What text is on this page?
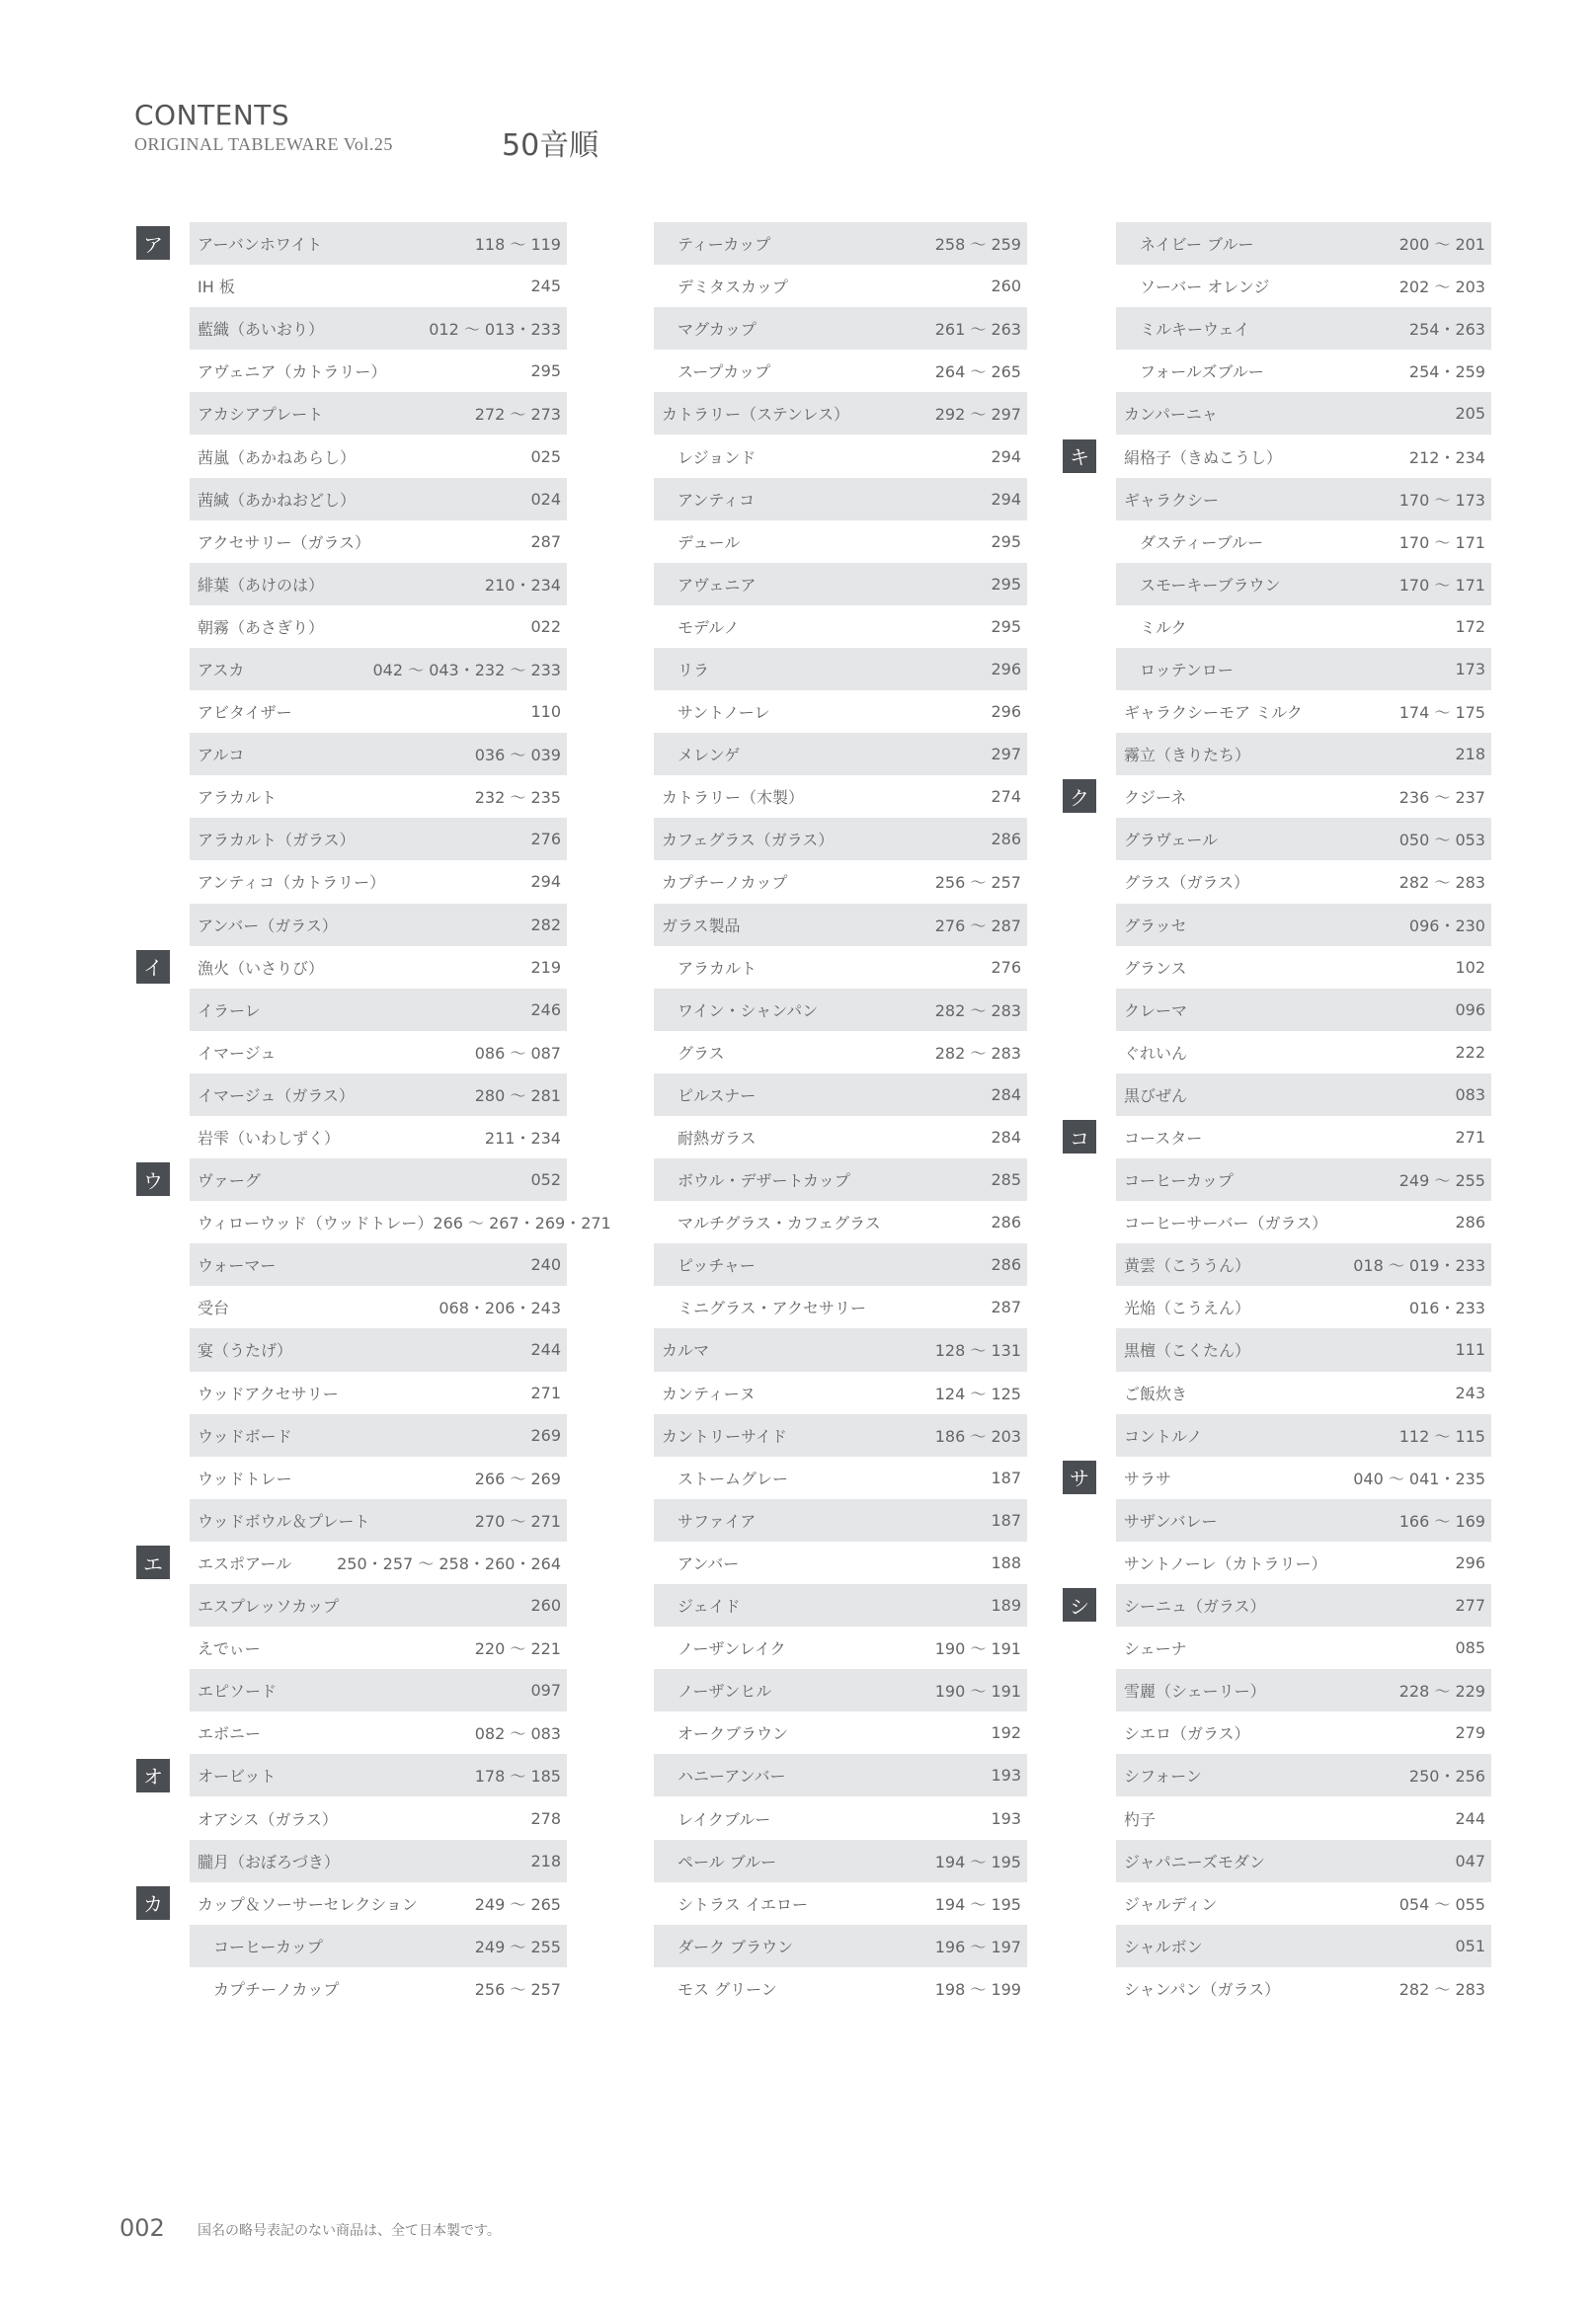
CONTENTS
ORIGINAL TABLEWARE Vol.25	50音順
アーバンホワイト	118 〜 119
IH 板	245
藍織（あいおり）	012 〜 013・233
アヴェニア（カトラリー）	295
アカシアプレート	272 〜 273
茜嵐（あかねあらし）	025
茜緘（あかねおどし）	024
アクセサリー（ガラス）	287
緋葉（あけのは）	210・234
朝霧（あさぎり）	022
アスカ	042 〜 043・232 〜 233
アビタイザー	110
アルコ	036 〜 039
アラカルト	232 〜 235
アラカルト（ガラス）	276
アンティコ（カトラリー）	294
アンバー（ガラス）	282
漁火（いさりび）	219
イラーレ	246
イマージュ	086 〜 087
イマージュ（ガラス）	280 〜 281
岩雫（いわしずく）	211・234
ヴァーグ	052
ウィローウッド（ウッドトレー） 266 〜 267・269・271
ウォーマー	240
受台	068・206・243
宴（うたげ）	244
ウッドアクセサリー	271
ウッドボード	269
ウッドトレー	266 〜 269
ウッドボウル＆プレート	270 〜 271
エスポアール	250・257 〜 258・260・264
エスプレッソカップ	260
えでぃー	220 〜 221
エピソード	097
エボニー	082 〜 083
オービット	178 〜 185
オアシス（ガラス）	278
朧月（おぼろづき）	218
カップ＆ソーサーセレクション	249 〜 265
コーヒーカップ	249 〜 255
カプチーノカップ	256 〜 257
ティーカップ	258 〜 259
デミタスカップ	260
マグカップ	261 〜 263
スープカップ	264 〜 265
カトラリー（ステンレス）	292 〜 297
レジョンド	294
アンティコ	294
デュール	295
アヴェニア	295
モデルノ	295
リラ	296
サントノーレ	296
メレンゲ	297
カトラリー（木製）	274
カフェグラス（ガラス）	286
カプチーノカップ	256 〜 257
ガラス製品	276 〜 287
アラカルト	276
ワイン・シャンパン	282 〜 283
グラス	282 〜 283
ピルスナー	284
耐熱ガラス	284
ボウル・デザートカップ	285
マルチグラス・カフェグラス	286
ピッチャー	286
ミニグラス・アクセサリー	287
カルマ	128 〜 131
カンティーヌ	124 〜 125
カントリーサイド	186 〜 203
ストームグレー	187
サファイア	187
アンバー	188
ジェイド	189
ノーザンレイク	190 〜 191
ノーザンヒル	190 〜 191
オークブラウン	192
ハニーアンバー	193
レイクブルー	193
ペール ブルー	194 〜 195
シトラス イエロー	194 〜 195
ダーク ブラウン	196 〜 197
モス グリーン	198 〜 199
ネイビー ブルー	200 〜 201
ソーバー オレンジ	202 〜 203
ミルキーウェイ	254・263
フォールズブルー	254・259
カンパーニャ	205
絹格子（きぬこうし）	212・234
ギャラクシー	170 〜 173
ダスティーブルー	170 〜 171
スモーキーブラウン	170 〜 171
ミルク	172
ロッテンロー	173
ギャラクシーモア ミルク	174 〜 175
霧立（きりたち）	218
クジーネ	236 〜 237
グラヴェール	050 〜 053
グラス（ガラス）	282 〜 283
グラッセ	096・230
グランス	102
クレーマ	096
ぐれいん	222
黒びぜん	083
コースター	271
コーヒーカップ	249 〜 255
コーヒーサーバー（ガラス）	286
黄雲（こううん）	018 〜 019・233
光焔（こうえん）	016・233
黒檀（こくたん）	111
ご飯炊き	243
コントルノ	112 〜 115
サラサ	040 〜 041・235
サザンバレー	166 〜 169
サントノーレ（カトラリー）	296
シーニュ（ガラス）	277
シェーナ	085
雪麗（シェーリー）	228 〜 229
シエロ（ガラス）	279
シフォーン	250・256
杓子	244
ジャパニーズモダン	047
ジャルディン	054 〜 055
シャルボン	051
シャンパン（ガラス）	282 〜 283
002 国名の略号表記のない商品は、全て日本製です。
ア
イ
ウ
エ
オ
カ
キ
ク
コ
サ
シ
